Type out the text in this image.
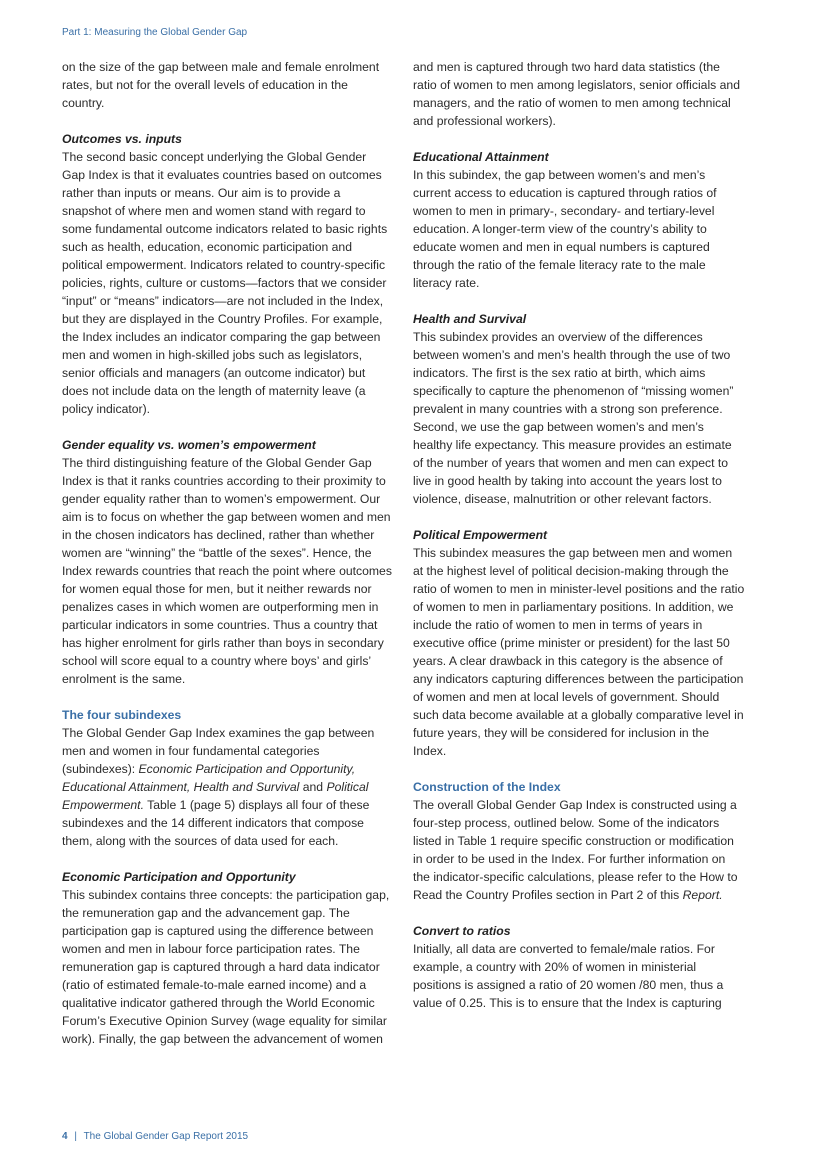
Part 1: Measuring the Global Gender Gap

on the size of the gap between male and female enrolment rates, but not for the overall levels of education in the country.

Outcomes vs. inputs

The second basic concept underlying the Global Gender Gap Index is that it evaluates countries based on outcomes rather than inputs or means. Our aim is to provide a snapshot of where men and women stand with regard to some fundamental outcome indicators related to basic rights such as health, education, economic participation and political empowerment. Indicators related to country-specific policies, rights, culture or customs—factors that we consider “input” or “means” indicators—are not included in the Index, but they are displayed in the Country Profiles. For example, the Index includes an indicator comparing the gap between men and women in high-skilled jobs such as legislators, senior officials and managers (an outcome indicator) but does not include data on the length of maternity leave (a policy indicator).

Gender equality vs. women’s empowerment

The third distinguishing feature of the Global Gender Gap Index is that it ranks countries according to their proximity to gender equality rather than to women’s empowerment. Our aim is to focus on whether the gap between women and men in the chosen indicators has declined, rather than whether women are “winning” the “battle of the sexes”. Hence, the Index rewards countries that reach the point where outcomes for women equal those for men, but it neither rewards nor penalizes cases in which women are outperforming men in particular indicators in some countries. Thus a country that has higher enrolment for girls rather than boys in secondary school will score equal to a country where boys’ and girls’ enrolment is the same.

The four subindexes

The Global Gender Gap Index examines the gap between men and women in four fundamental categories (subindexes): Economic Participation and Opportunity, Educational Attainment, Health and Survival and Political Empowerment. Table 1 (page 5) displays all four of these subindexes and the 14 different indicators that compose them, along with the sources of data used for each.

Economic Participation and Opportunity

This subindex contains three concepts: the participation gap, the remuneration gap and the advancement gap. The participation gap is captured using the difference between women and men in labour force participation rates. The remuneration gap is captured through a hard data indicator (ratio of estimated female-to-male earned income) and a qualitative indicator gathered through the World Economic Forum’s Executive Opinion Survey (wage equality for similar work). Finally, the gap between the advancement of women

and men is captured through two hard data statistics (the ratio of women to men among legislators, senior officials and managers, and the ratio of women to men among technical and professional workers).

Educational Attainment

In this subindex, the gap between women’s and men’s current access to education is captured through ratios of women to men in primary-, secondary- and tertiary-level education. A longer-term view of the country’s ability to educate women and men in equal numbers is captured through the ratio of the female literacy rate to the male literacy rate.

Health and Survival

This subindex provides an overview of the differences between women’s and men’s health through the use of two indicators. The first is the sex ratio at birth, which aims specifically to capture the phenomenon of “missing women” prevalent in many countries with a strong son preference. Second, we use the gap between women’s and men’s healthy life expectancy. This measure provides an estimate of the number of years that women and men can expect to live in good health by taking into account the years lost to violence, disease, malnutrition or other relevant factors.

Political Empowerment

This subindex measures the gap between men and women at the highest level of political decision-making through the ratio of women to men in minister-level positions and the ratio of women to men in parliamentary positions. In addition, we include the ratio of women to men in terms of years in executive office (prime minister or president) for the last 50 years. A clear drawback in this category is the absence of any indicators capturing differences between the participation of women and men at local levels of government. Should such data become available at a globally comparative level in future years, they will be considered for inclusion in the Index.

Construction of the Index

The overall Global Gender Gap Index is constructed using a four-step process, outlined below. Some of the indicators listed in Table 1 require specific construction or modification in order to be used in the Index. For further information on the indicator-specific calculations, please refer to the How to Read the Country Profiles section in Part 2 of this Report.

Convert to ratios

Initially, all data are converted to female/male ratios. For example, a country with 20% of women in ministerial positions is assigned a ratio of 20 women /80 men, thus a value of 0.25. This is to ensure that the Index is capturing

4 | The Global Gender Gap Report 2015
